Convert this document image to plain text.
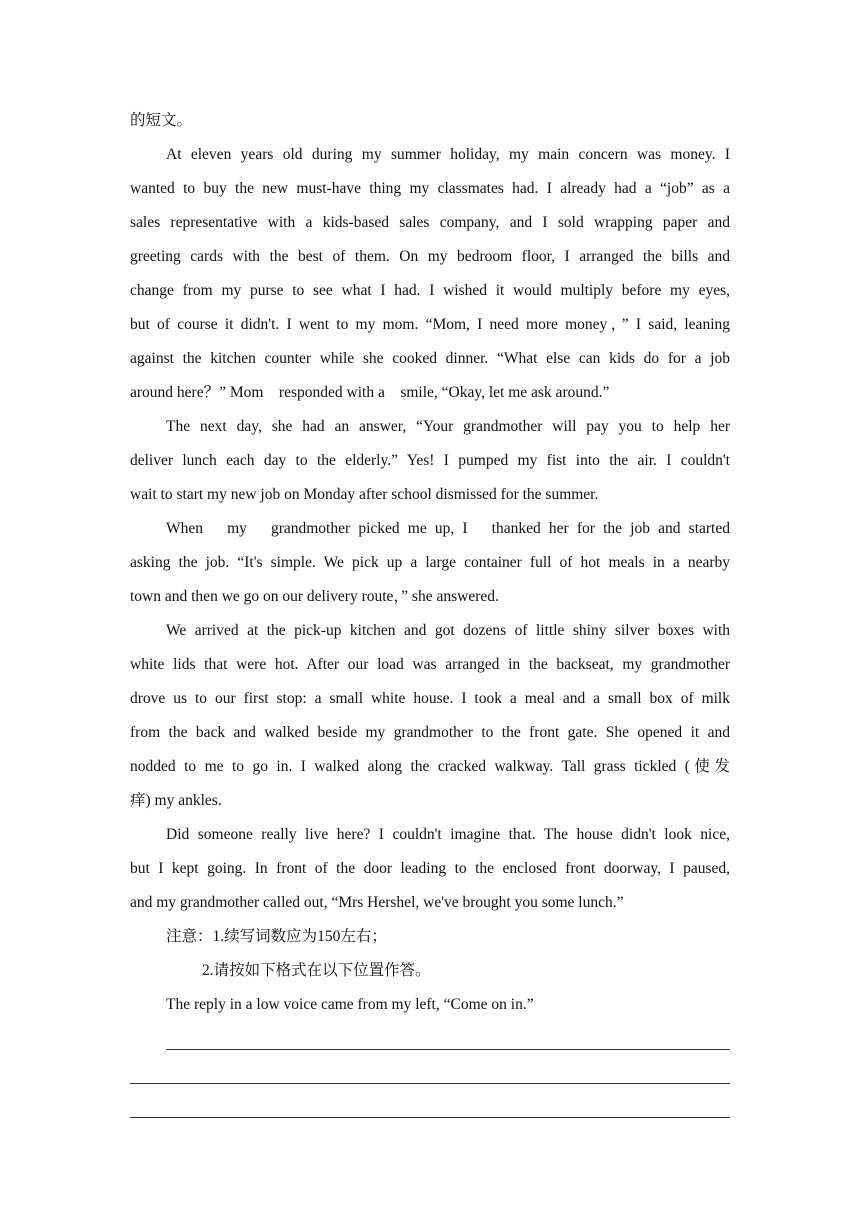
的短文。
At eleven years old during my summer holiday, my main concern was money. I
wanted to buy the new must-have thing my classmates had. I already had a “job” as a
sales representative with a kids-based sales company, and I sold wrapping paper and
greeting cards with the best of them. On my bedroom floor, I arranged the bills and
change from my purse to see what I had. I wished it would multiply before my eyes,
but of course it didn't. I went to my mom. “Mom, I need more money，” I said, leaning
against the kitchen counter while she cooked dinner. “What else can kids do for a job
around here？” Mom　responded with a　smile, “Okay, let me ask around.”
The next day, she had an answer, “Your grandmother will pay you to help her
deliver lunch each day to the elderly.” Yes! I pumped my fist into the air. I couldn't
wait to start my new job on Monday after school dismissed for the summer.
When　my　grandmother picked me up, I　thanked her for the job and started
asking the job. “It's simple. We pick up a large container full of hot meals in a nearby
town and then we go on our delivery route，” she answered.
We arrived at the pick-up kitchen and got dozens of little shiny silver boxes with
white lids that were hot. After our load was arranged in the backseat, my grandmother
drove us to our first stop: a small white house. I took a meal and a small box of milk
from the back and walked beside my grandmother to the front gate. She opened it and
nodded to me to go in. I walked along the cracked walkway. Tall grass tickled (使发
痒) my ankles.
Did someone really live here? I couldn't imagine that. The house didn't look nice,
but I kept going. In front of the door leading to the enclosed front doorway, I paused,
and my grandmother called out, “Mrs Hershel, we've brought you some lunch.”
注意：1.续写词数应为150左右；
2.请按如下格式在以下位置作答。
The reply in a low voice came from my left, “Come on in.”
